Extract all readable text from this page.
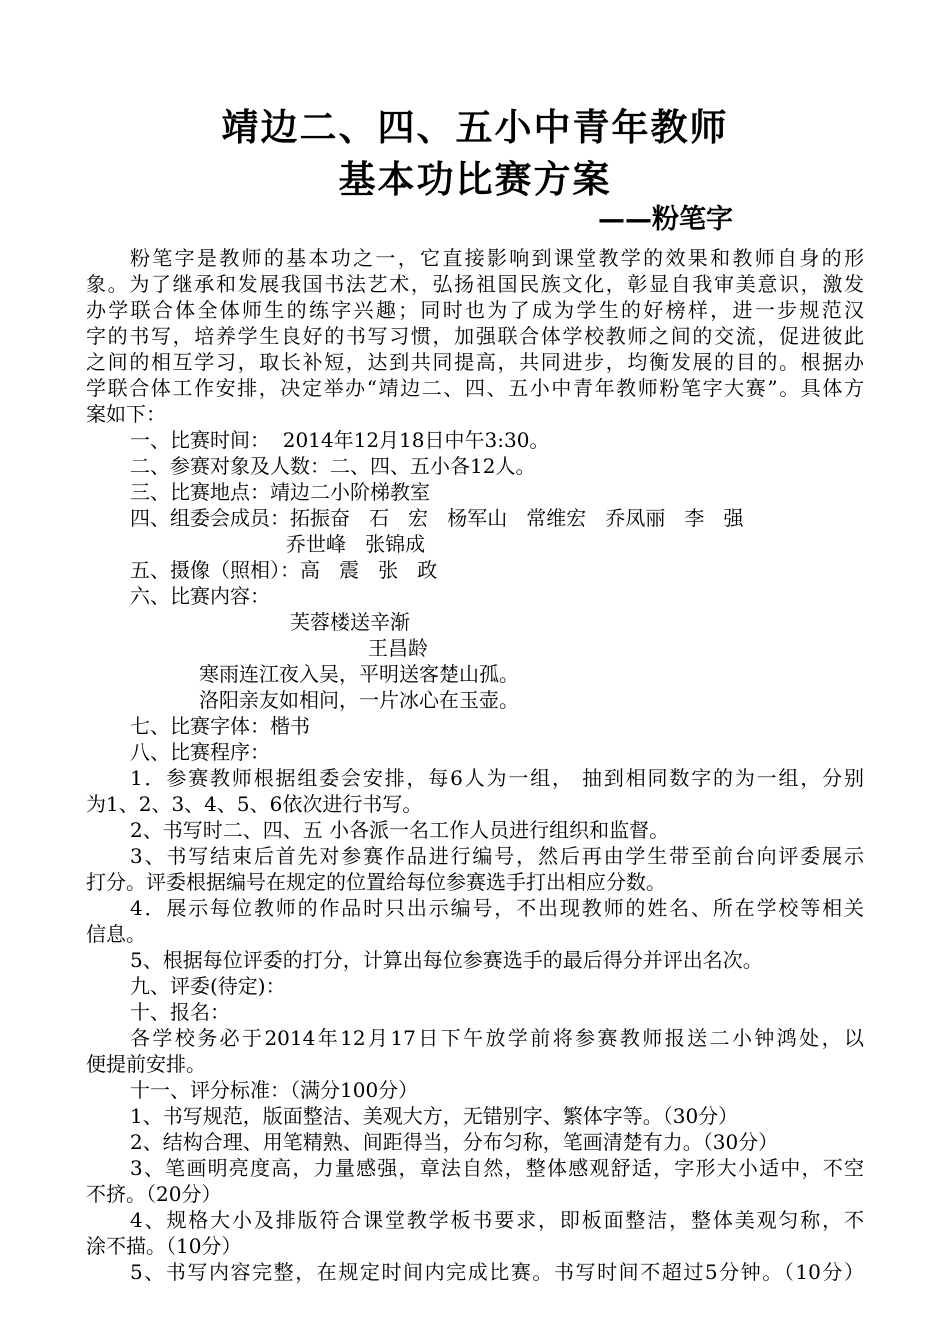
靖边二、四、五小中青年教师
基本功比赛方案
——粉笔字
粉笔字是教师的基本功之一，它直接影响到课堂教学的效果和教师自身的形
象。为了继承和发展我国书法艺术，弘扬祖国民族文化，彰显自我审美意识，激发
办学联合体全体师生的练字兴趣；同时也为了成为学生的好榜样，进一步规范汉
字的书写，培养学生良好的书写习惯，加强联合体学校教师之间的交流，促进彼此
之间的相互学习，取长补短，达到共同提高，共同进步，均衡发展的目的。根据办
学联合体工作安排，决定举办“靖边二、四、五小中青年教师粉笔字大赛”。具体方
案如下：
一、比赛时间：  2014年12月18日中午3:30。
二、参赛对象及人数：二、四、五小各12人。
三、比赛地点：靖边二小阶梯教室
四、组委会成员：拓振奋   石   宏   杨军山   常维宏   乔凤丽   李   强
乔世峰   张锦成
五、摄像（照相）：高   震   张   政
六、比赛内容：
芙蓉楼送辛渐
王昌龄
寒雨连江夜入吴，平明送客楚山孤。
洛阳亲友如相问，一片冰心在玉壶。
七、比赛字体：楷书
八、比赛程序：
1．参赛教师根据组委会安排，每6人为一组， 抽到相同数字的为一组，分别
为1、2、3、4、5、6依次进行书写。
2、书写时二、四、五 小各派一名工作人员进行组织和监督。
3、书写结束后首先对参赛作品进行编号，然后再由学生带至前台向评委展示
打分。评委根据编号在规定的位置给每位参赛选手打出相应分数。
4．展示每位教师的作品时只出示编号，不出现教师的姓名、所在学校等相关
信息。
5、根据每位评委的打分，计算出每位参赛选手的最后得分并评出名次。
九、评委(待定)：
十、报名：
各学校务必于2014年12月17日下午放学前将参赛教师报送二小钟鸿处，以
便提前安排。
十一、评分标准：（满分100分）
1、书写规范，版面整洁、美观大方，无错别字、繁体字等。（30分）
2、结构合理、用笔精熟、间距得当，分布匀称，笔画清楚有力。（30分）
3、笔画明亮度高，力量感强，章法自然，整体感观舒适，字形大小适中，不空
不挤。（20分）
4、规格大小及排版符合课堂教学板书要求，即板面整洁，整体美观匀称，不
涂不描。（10分）
5、书写内容完整，在规定时间内完成比赛。书写时间不超过5分钟。（10分）
